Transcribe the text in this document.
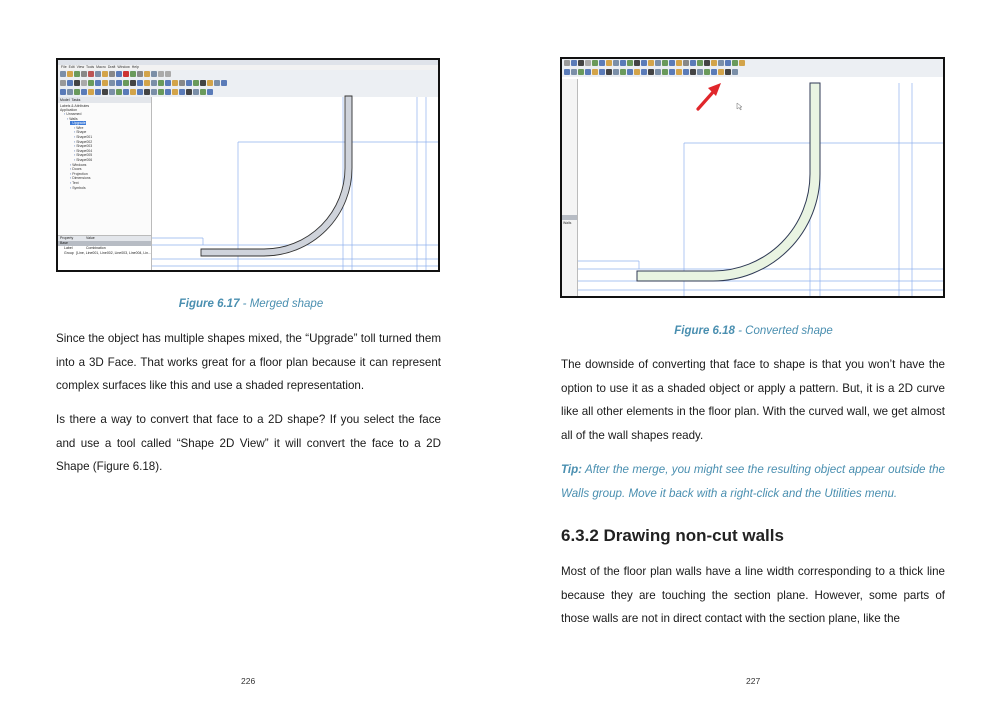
File Edit View Tools Macro Draft Window Help
Model Tasks
Labels & Attributes
Application
▪ Unnamed
▪ Walls
▪ Upgrade
▪ Wire
▪ Shape
▪ Shape001
▪ Shape002
▪ Shape003
▪ Shape004
▪ Shape005
▪ Shape006
▪ Windows
▪ Doors
▪ Projection
▪ Dimensions
▪ Text
▪ Symbols
Property	Value
Base
Label	Combination
Group [Line, Line001, Line002, Line003, Line004, Lin...
Figure 6.17 - Merged shape

Since the object has multiple shapes mixed, the “Upgrade” toll turned them into a 3D Face. That works great for a floor plan because it can represent complex surfaces like this and use a shaded representation.

Is there a way to convert that face to a 2D shape? If you select the face and use a tool called “Shape 2D View” it will convert the face to a 2D Shape (Figure 6.18).

226
Walls
Figure 6.18 - Converted shape

The downside of converting that face to shape is that you won’t have the option to use it as a shaded object or apply a pattern. But, it is a 2D curve like all other elements in the floor plan. With the curved wall, we get almost all of the wall shapes ready.

Tip: After the merge, you might see the resulting object appear outside the Walls group. Move it back with a right-click and the Utilities menu.

6.3.2 Drawing non-cut walls

Most of the floor plan walls have a line width corresponding to a thick line because they are touching the section plane. However, some parts of those walls are not in direct contact with the section plane, like the

227
